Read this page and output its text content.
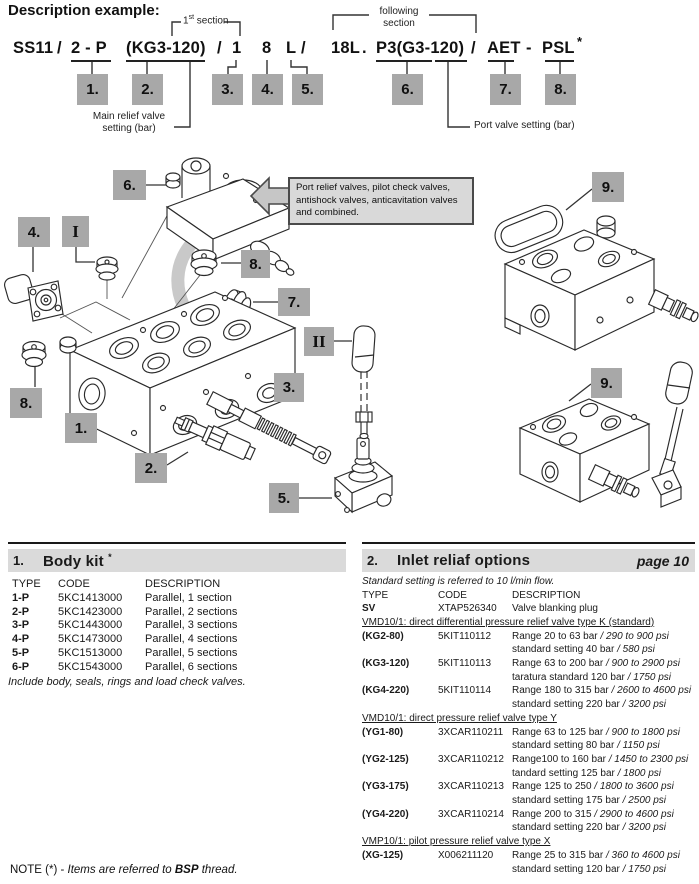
Description example:
SS11 / 2 - P (KG3-120) / 1 8 L / 18L . P3(G3-120) / AET - PSL *
1.	2.	3.	4.	5.	6.	7.	8.
1st section
following section
Main relief valve setting (bar)	Port valve setting (bar)
Port relief valves, pilot check valves, antishock valves, anticavitation valves and combined.
6.
4.	I
8.
7.
II
8.
1.
2.
3.
5.
9.
9.
1.	Body kit *
TYPE CODE	DESCRIPTION
1-P	5KC1413000 Parallel, 1 section
2-P	5KC1423000 Parallel, 2 sections
3-P	5KC1443000 Parallel, 3 sections
4-P	5KC1473000 Parallel, 4 sections
5-P	5KC1513000 Parallel, 5 sections
6-P	5KC1543000 Parallel, 6 sections
Include body, seals, rings and load check valves.
2.	Inlet reliaf options	page 10
Standard setting is referred to 10 l/min flow.
TYPE	CODE	DESCRIPTION
SV	XTAP526340 Valve blanking plug
VMD10/1: direct differential pressure relief valve type K (standard)
(KG2-80)	5KIT110112 Range 20 to 63 bar / 290 to 900 psi
standard setting 40 bar / 580 psi
(KG3-120)	5KIT110113 Range 63 to 200 bar / 900 to 2900 psi
taratura standard 120 bar / 1750 psi
(KG4-220)	5KIT110114 Range 180 to 315 bar / 2600 to 4600 psi
standard setting 220 bar / 3200 psi
VMD10/1: direct pressure relief valve type Y
(YG1-80)	3XCAR110211 Range 63 to 125 bar / 900 to 1800 psi
standard setting 80 bar / 1150 psi
(YG2-125)	3XCAR110212 Range100 to 160 bar / 1450 to 2300 psi
tandard setting 125 bar / 1800 psi
(YG3-175)	3XCAR110213 Range 125 to 250 / 1800 to 3600 psi
standard setting 175 bar / 2500 psi
(YG4-220)	3XCAR110214 Range 200 to 315 / 2900 to 4600 psi
standard setting 220 bar / 3200 psi
VMP10/1: pilot pressure relief valve type X
(XG-125)	X006211120 Range 25 to 315 bar / 360 to 4600 psi
standard setting 120 bar / 1750 psi
NOTE (*) - Items are referred to BSP thread.
